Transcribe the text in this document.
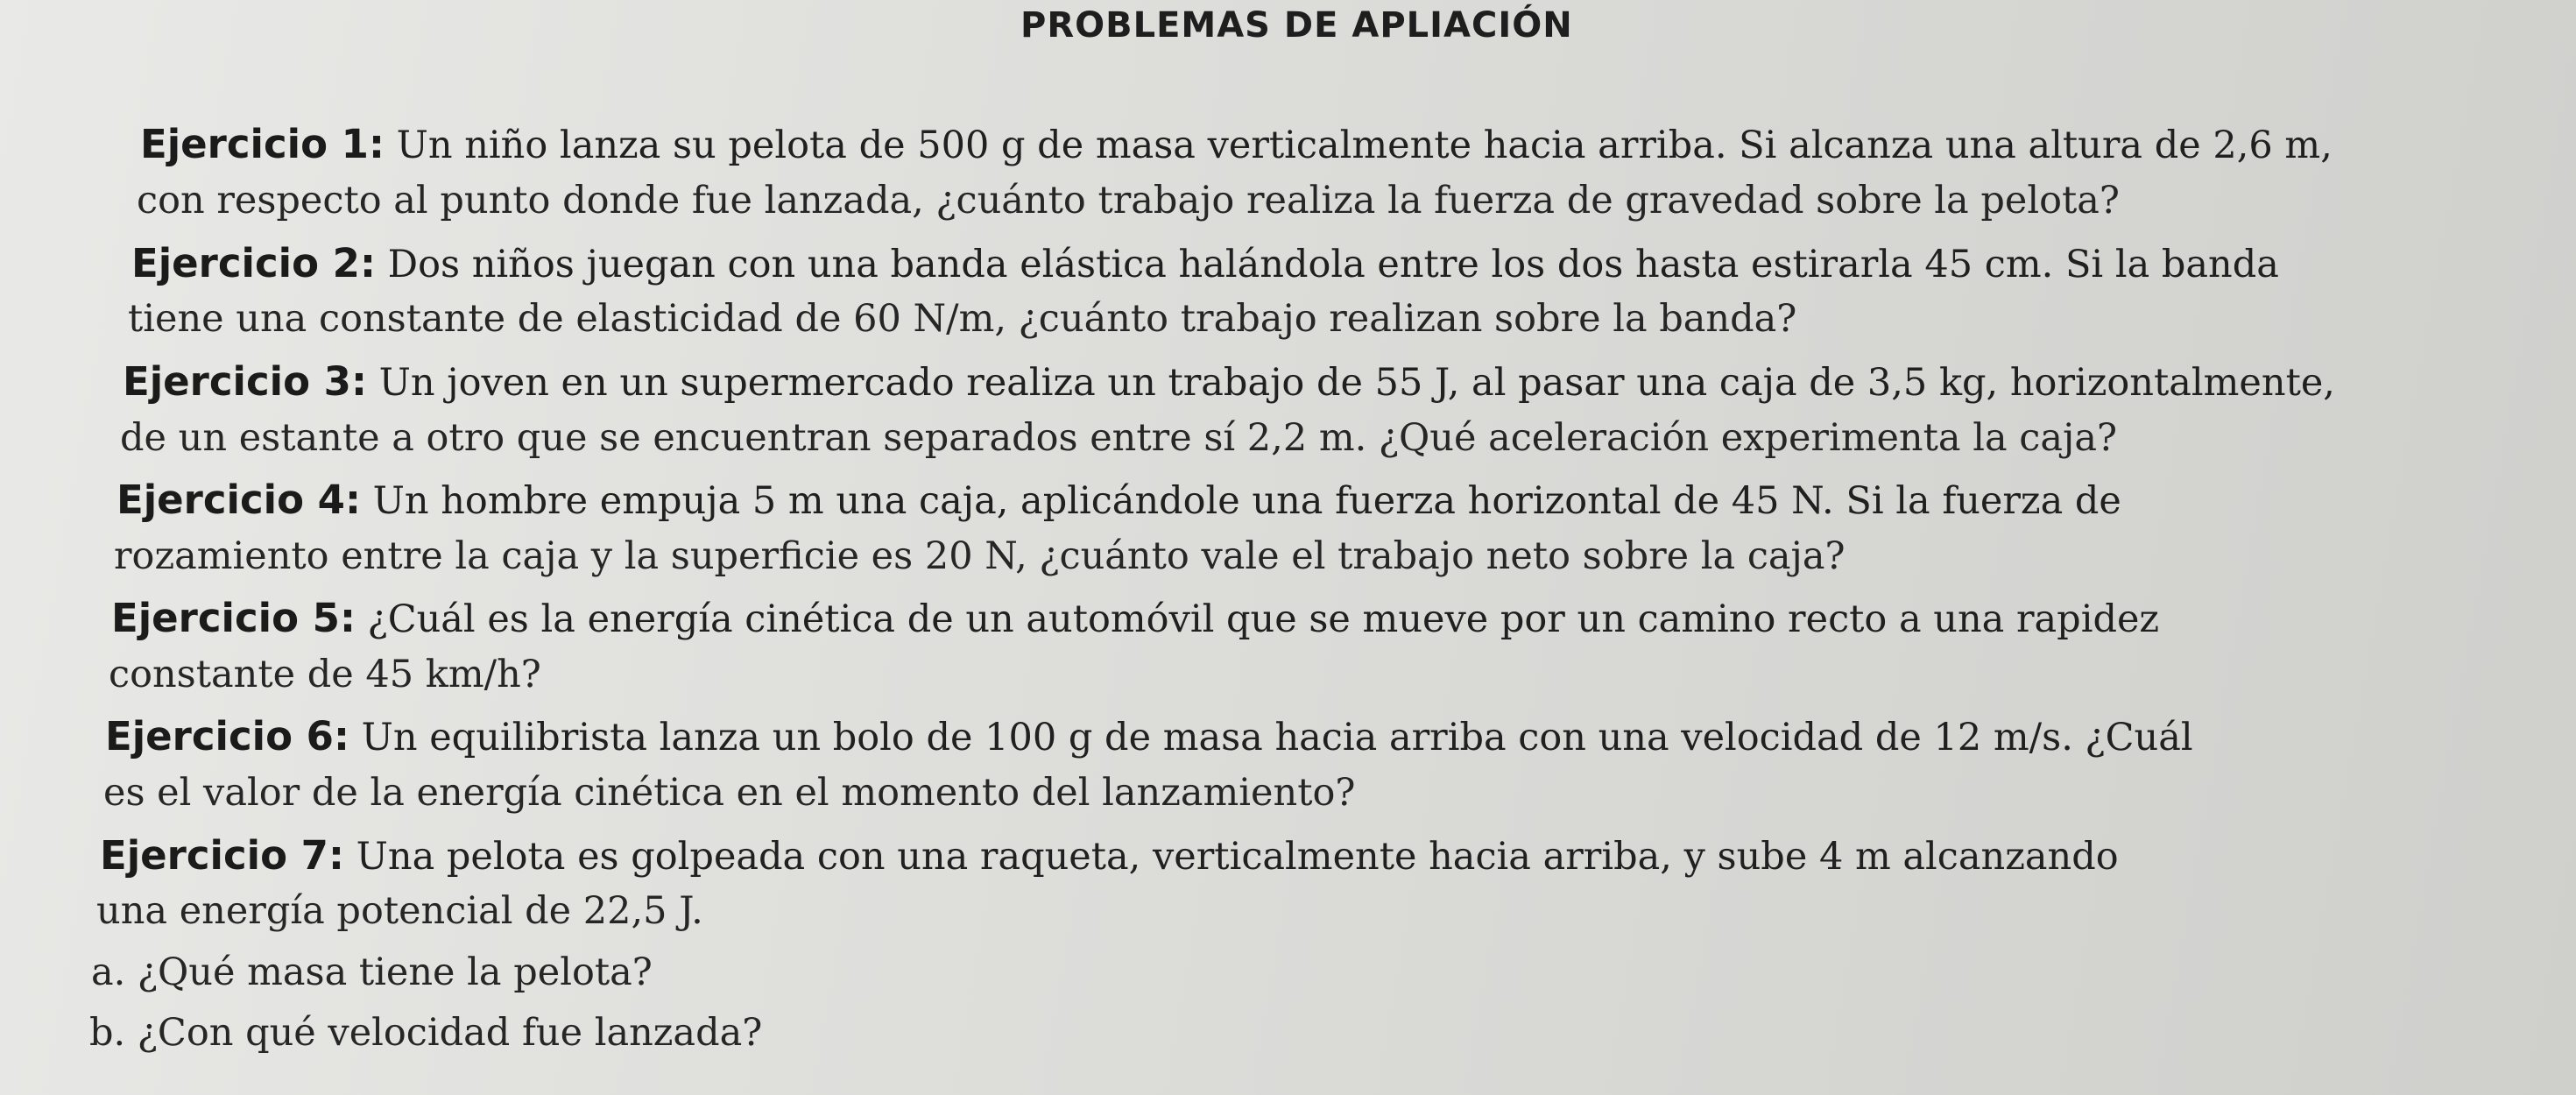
PROBLEMAS DE APLIACIÓN
Ejercicio 1: Un niño lanza su pelota de 500 g de masa verticalmente hacia arriba. Si alcanza una altura de 2,6 m,
con respecto al punto donde fue lanzada, ¿cuánto trabajo realiza la fuerza de gravedad sobre la pelota?
Ejercicio 2: Dos niños juegan con una banda elástica halándola entre los dos hasta estirarla 45 cm. Si la banda
tiene una constante de elasticidad de 60 N/m, ¿cuánto trabajo realizan sobre la banda?
Ejercicio 3: Un joven en un supermercado realiza un trabajo de 55 J, al pasar una caja de 3,5 kg, horizontalmente,
de un estante a otro que se encuentran separados entre sí 2,2 m. ¿Qué aceleración experimenta la caja?
Ejercicio 4: Un hombre empuja 5 m una caja, aplicándole una fuerza horizontal de 45 N. Si la fuerza de
rozamiento entre la caja y la superficie es 20 N, ¿cuánto vale el trabajo neto sobre la caja?
Ejercicio 5: ¿Cuál es la energía cinética de un automóvil que se mueve por un camino recto a una rapidez
constante de 45 km/h?
Ejercicio 6: Un equilibrista lanza un bolo de 100 g de masa hacia arriba con una velocidad de 12 m/s. ¿Cuál
es el valor de la energía cinética en el momento del lanzamiento?
Ejercicio 7: Una pelota es golpeada con una raqueta, verticalmente hacia arriba, y sube 4 m alcanzando
una energía potencial de 22,5 J.
a. ¿Qué masa tiene la pelota?
b. ¿Con qué velocidad fue lanzada?
